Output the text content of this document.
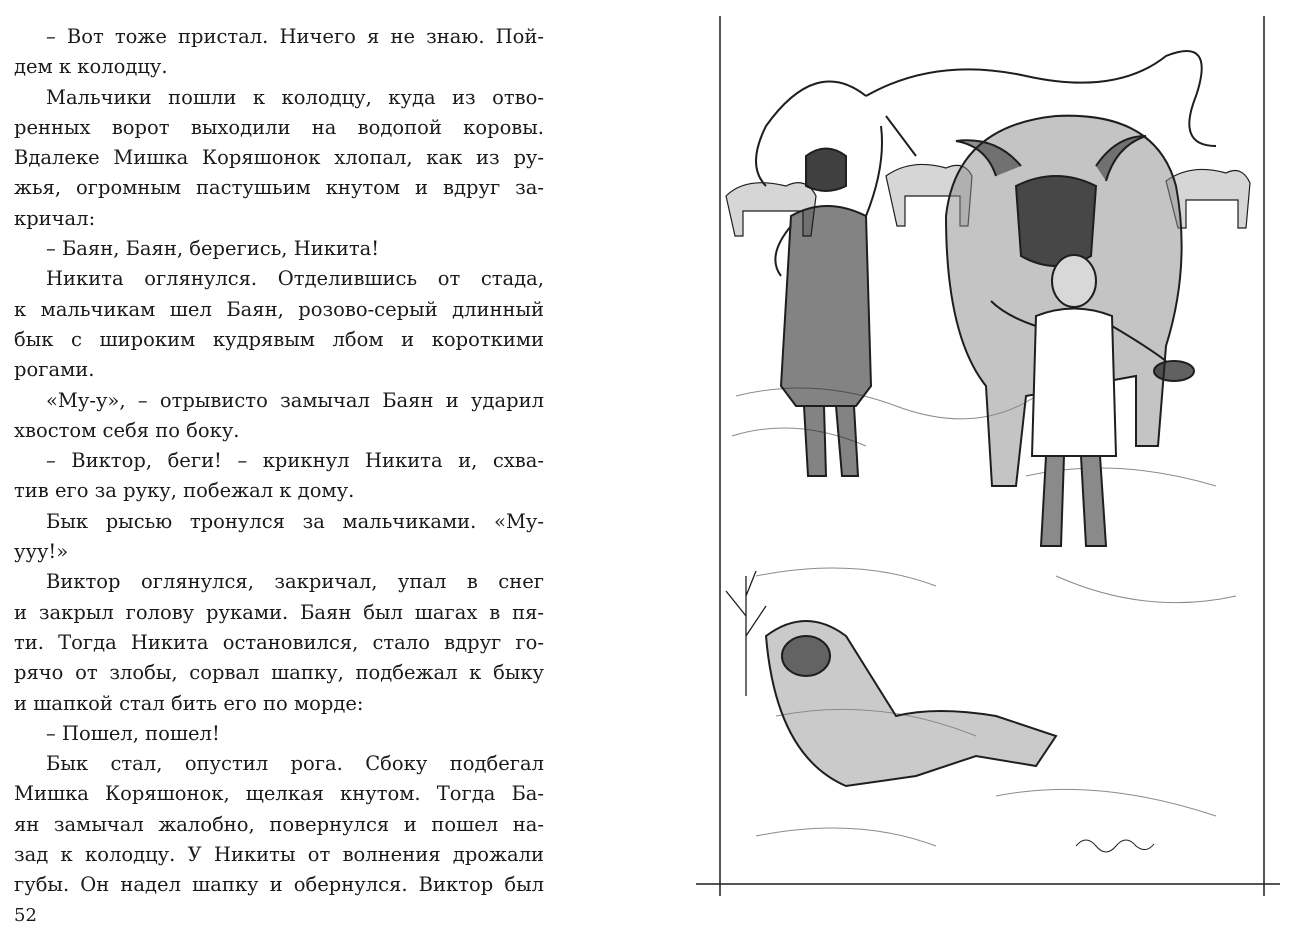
– Вот тоже пристал. Ничего я не знаю. Пой-
дем к колодцу.
Мальчики пошли к колодцу, куда из отво-
ренных ворот выходили на водопой коровы.
Вдалеке Мишка Коряшонок хлопал, как из ру-
жья, огромным пастушьим кнутом и вдруг за-
кричал:
– Баян, Баян, берегись, Никита!
Никита оглянулся. Отделившись от стада,
к мальчикам шел Баян, розово-серый длинный
бык с широким кудрявым лбом и короткими
рогами.
«Му-у», – отрывисто замычал Баян и ударил
хвостом себя по боку.
– Виктор, беги! – крикнул Никита и, схва-
тив его за руку, побежал к дому.
Бык рысью тронулся за мальчиками. «Му-
ууу!»
Виктор оглянулся, закричал, упал в снег
и закрыл голову руками. Баян был шагах в пя-
ти. Тогда Никита остановился, стало вдруг го-
рячо от злобы, сорвал шапку, подбежал к быку
и шапкой стал бить его по морде:
– Пошел, пошел!
Бык стал, опустил рога. Сбоку подбегал
Мишка Коряшонок, щелкая кнутом. Тогда Ба-
ян замычал жалобно, повернулся и пошел на-
зад к колодцу. У Никиты от волнения дрожали
губы. Он надел шапку и обернулся. Виктор был
52
